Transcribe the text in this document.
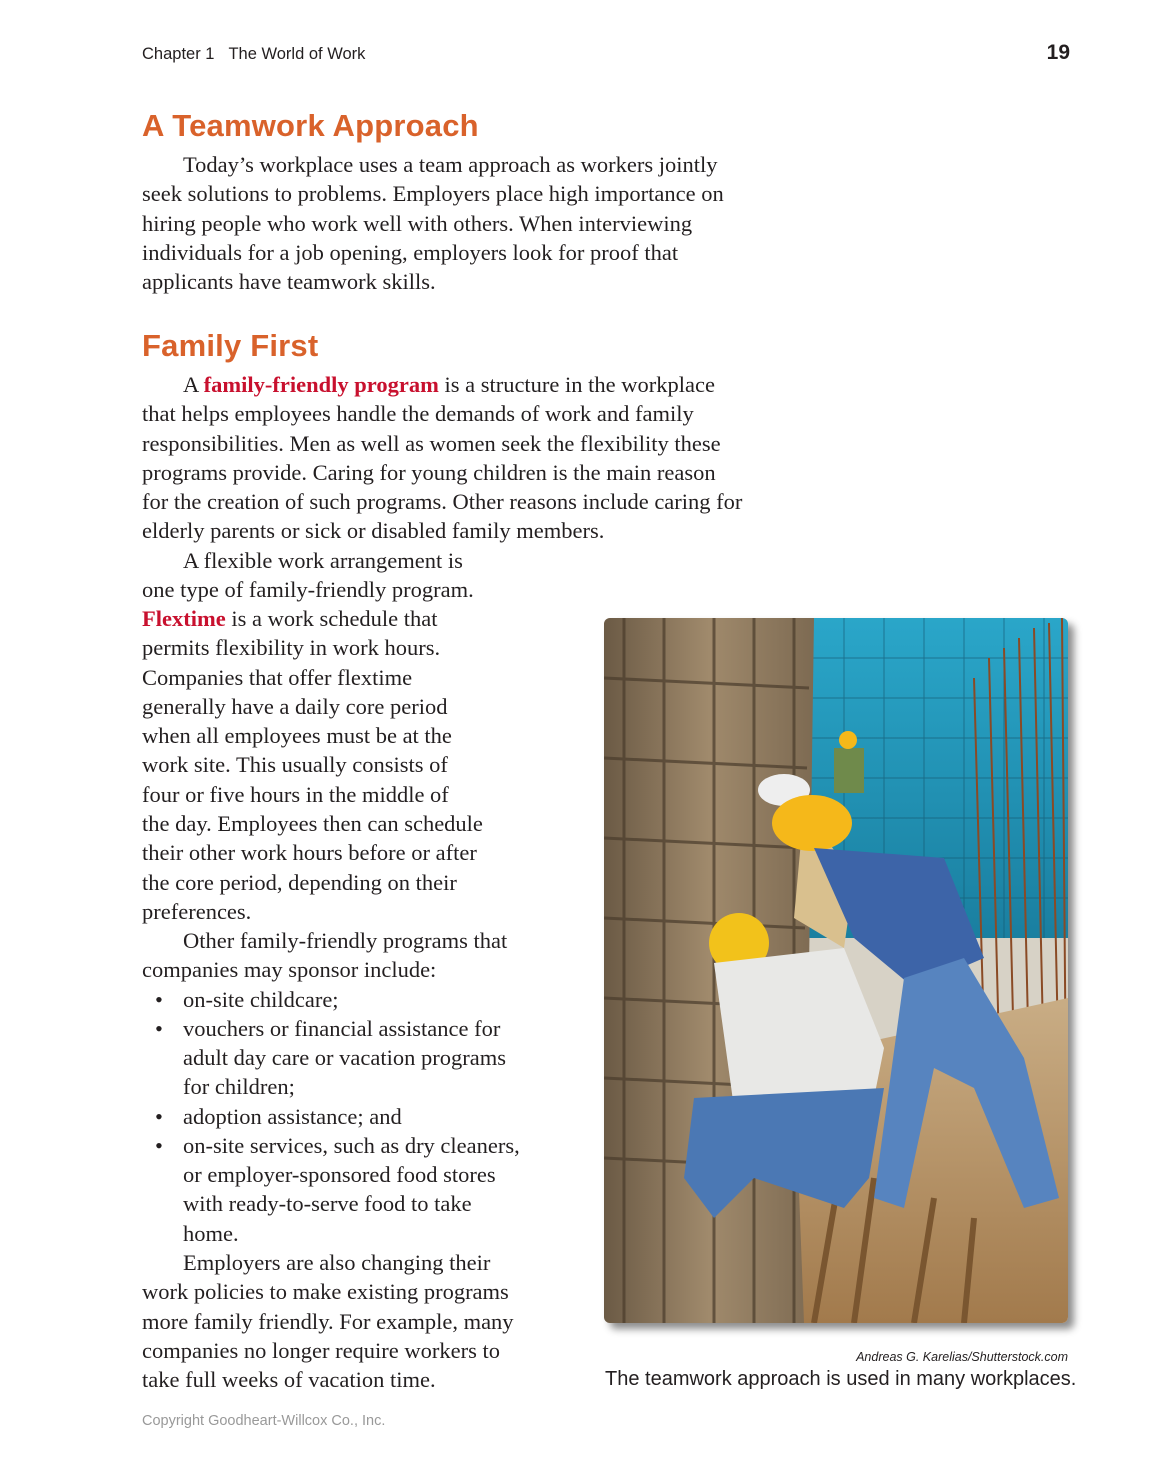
Chapter 1 The World of Work	19
A Teamwork Approach
Today’s workplace uses a team approach as workers jointly
seek solutions to problems. Employers place high importance on
hiring people who work well with others. When interviewing
individuals for a job opening, employers look for proof that
applicants have teamwork skills.
Family First
A family-friendly program is a structure in the workplace
that helps employees handle the demands of work and family
responsibilities. Men as well as women seek the flexibility these
programs provide. Caring for young children is the main reason
for the creation of such programs. Other reasons include caring for
elderly parents or sick or disabled family members.
A flexible work arrangement is
one type of family-friendly program.
Flextime is a work schedule that
permits flexibility in work hours.
Companies that offer flextime
generally have a daily core period
when all employees must be at the
work site. This usually consists of
four or five hours in the middle of
the day. Employees then can schedule
their other work hours before or after
the core period, depending on their
preferences.
Other family-friendly programs that
companies may sponsor include:
• on-site childcare;
• vouchers or financial assistance for
adult day care or vacation programs
for children;
• adoption assistance; and
• on-site services, such as dry cleaners,
or employer-sponsored food stores
with ready-to-serve food to take
home.
Employers are also changing their
work policies to make existing programs
more family friendly. For example, many
companies no longer require workers to
take full weeks of vacation time.
Andreas G. Karelias/Shutterstock.com
The teamwork approach is used in many workplaces.
Copyright Goodheart-Willcox Co., Inc.
